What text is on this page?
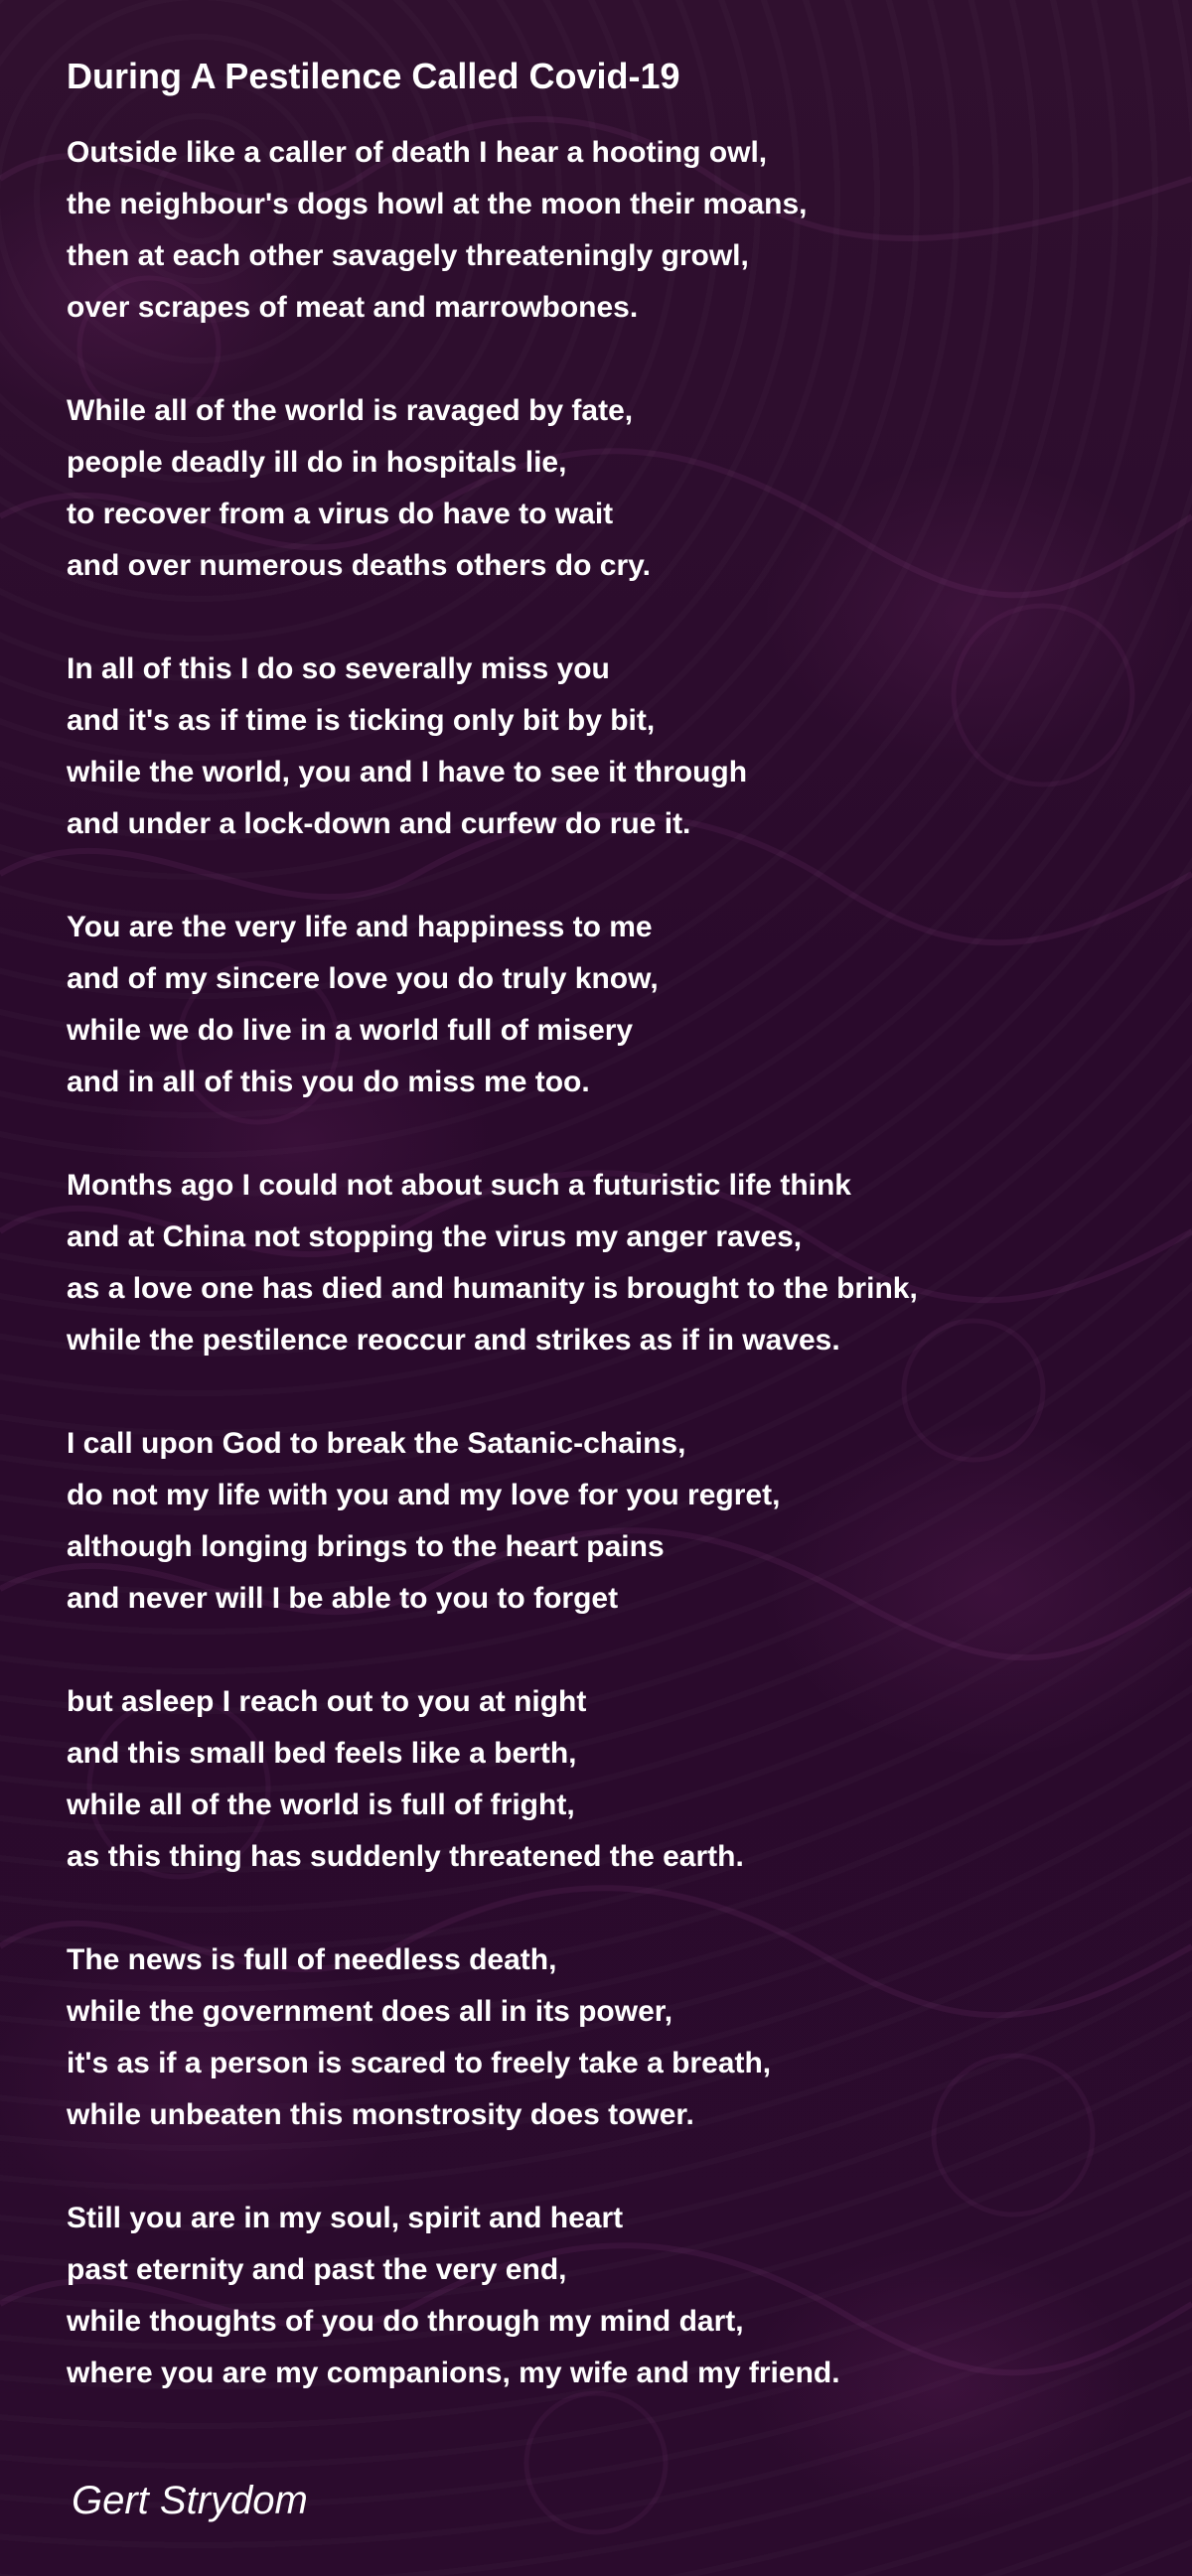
During A Pestilence Called Covid-19
Outside like a caller of death I hear a hooting owl,
the neighbour's dogs howl at the moon their moans,
then at each other savagely threateningly growl,
over scrapes of meat and marrowbones.
While all of the world is ravaged by fate,
people deadly ill do in hospitals lie,
to recover from a virus do have to wait
and over numerous deaths others do cry.
In all of this I do so severally miss you
and it's as if time is ticking only bit by bit,
while the world, you and I have to see it through
and under a lock-down and curfew do rue it.
You are the very life and happiness to me
and of my sincere love you do truly know,
while we do live in a world full of misery
and in all of this you do miss me too.
Months ago I could not about such a futuristic life think
and at China not stopping the virus my anger raves,
as a love one has died and humanity is brought to the brink,
while the pestilence reoccur and strikes as if in waves.
I call upon God to break the Satanic-chains,
do not my life with you and my love for you regret,
although longing brings to the heart pains
and never will I be able to you to forget
but asleep I reach out to you at night
and this small bed feels like a berth,
while all of the world is full of fright,
as this thing has suddenly threatened the earth.
The news is full of needless death,
while the government does all in its power,
it's as if a person is scared to freely take a breath,
while unbeaten this monstrosity does tower.
Still you are in my soul, spirit and heart
past eternity and past the very end,
while thoughts of you do through my mind dart,
where you are my companions, my wife and my friend.
Gert Strydom
